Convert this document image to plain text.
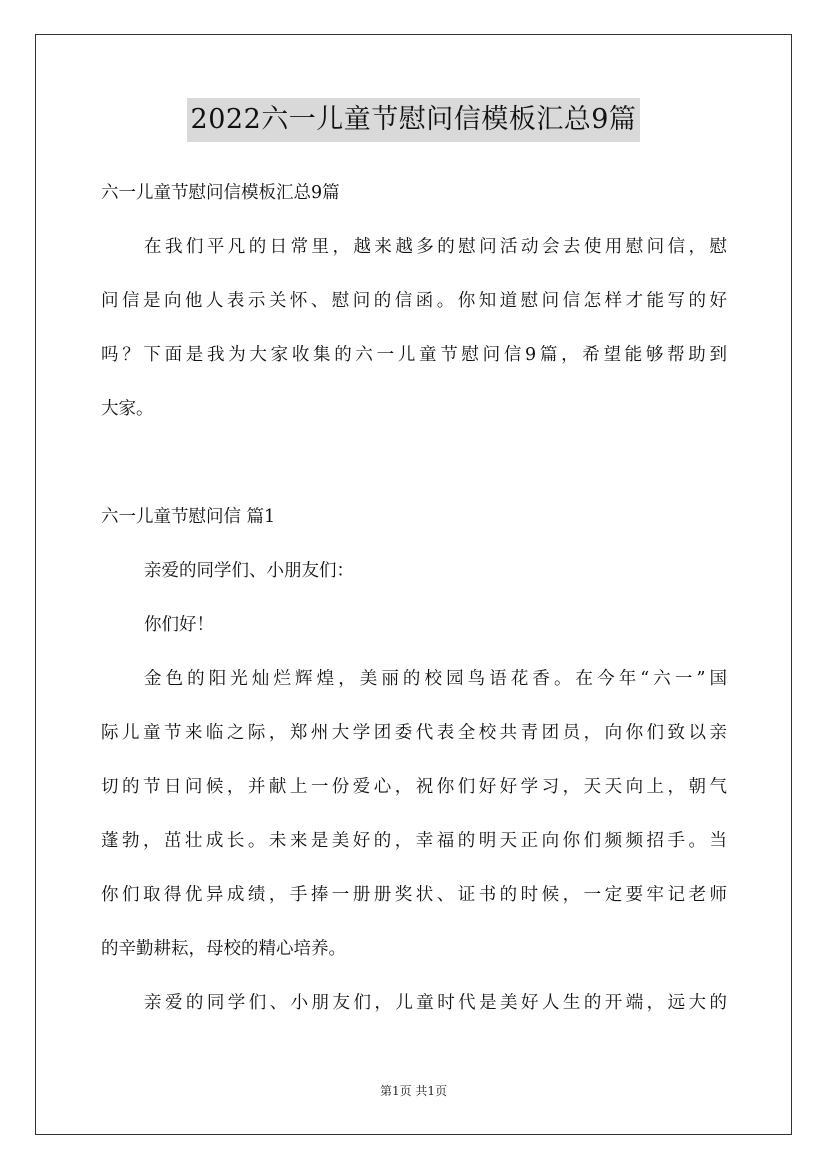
2022六一儿童节慰问信模板汇总9篇
六一儿童节慰问信模板汇总9篇
在我们平凡的日常里，越来越多的慰问活动会去使用慰问信，慰
问信是向他人表示关怀、慰问的信函。你知道慰问信怎样才能写的好
吗？下面是我为大家收集的六一儿童节慰问信9篇，希望能够帮助到
大家。
六一儿童节慰问信 篇1
亲爱的同学们、小朋友们：
你们好！
金色的阳光灿烂辉煌，美丽的校园鸟语花香。在今年“六一”国
际儿童节来临之际，郑州大学团委代表全校共青团员，向你们致以亲
切的节日问候，并献上一份爱心，祝你们好好学习，天天向上，朝气
蓬勃，茁壮成长。未来是美好的，幸福的明天正向你们频频招手。当
你们取得优异成绩，手捧一册册奖状、证书的时候，一定要牢记老师
的辛勤耕耘，母校的精心培养。
亲爱的同学们、小朋友们，儿童时代是美好人生的开端，远大的
第1页 共1页
